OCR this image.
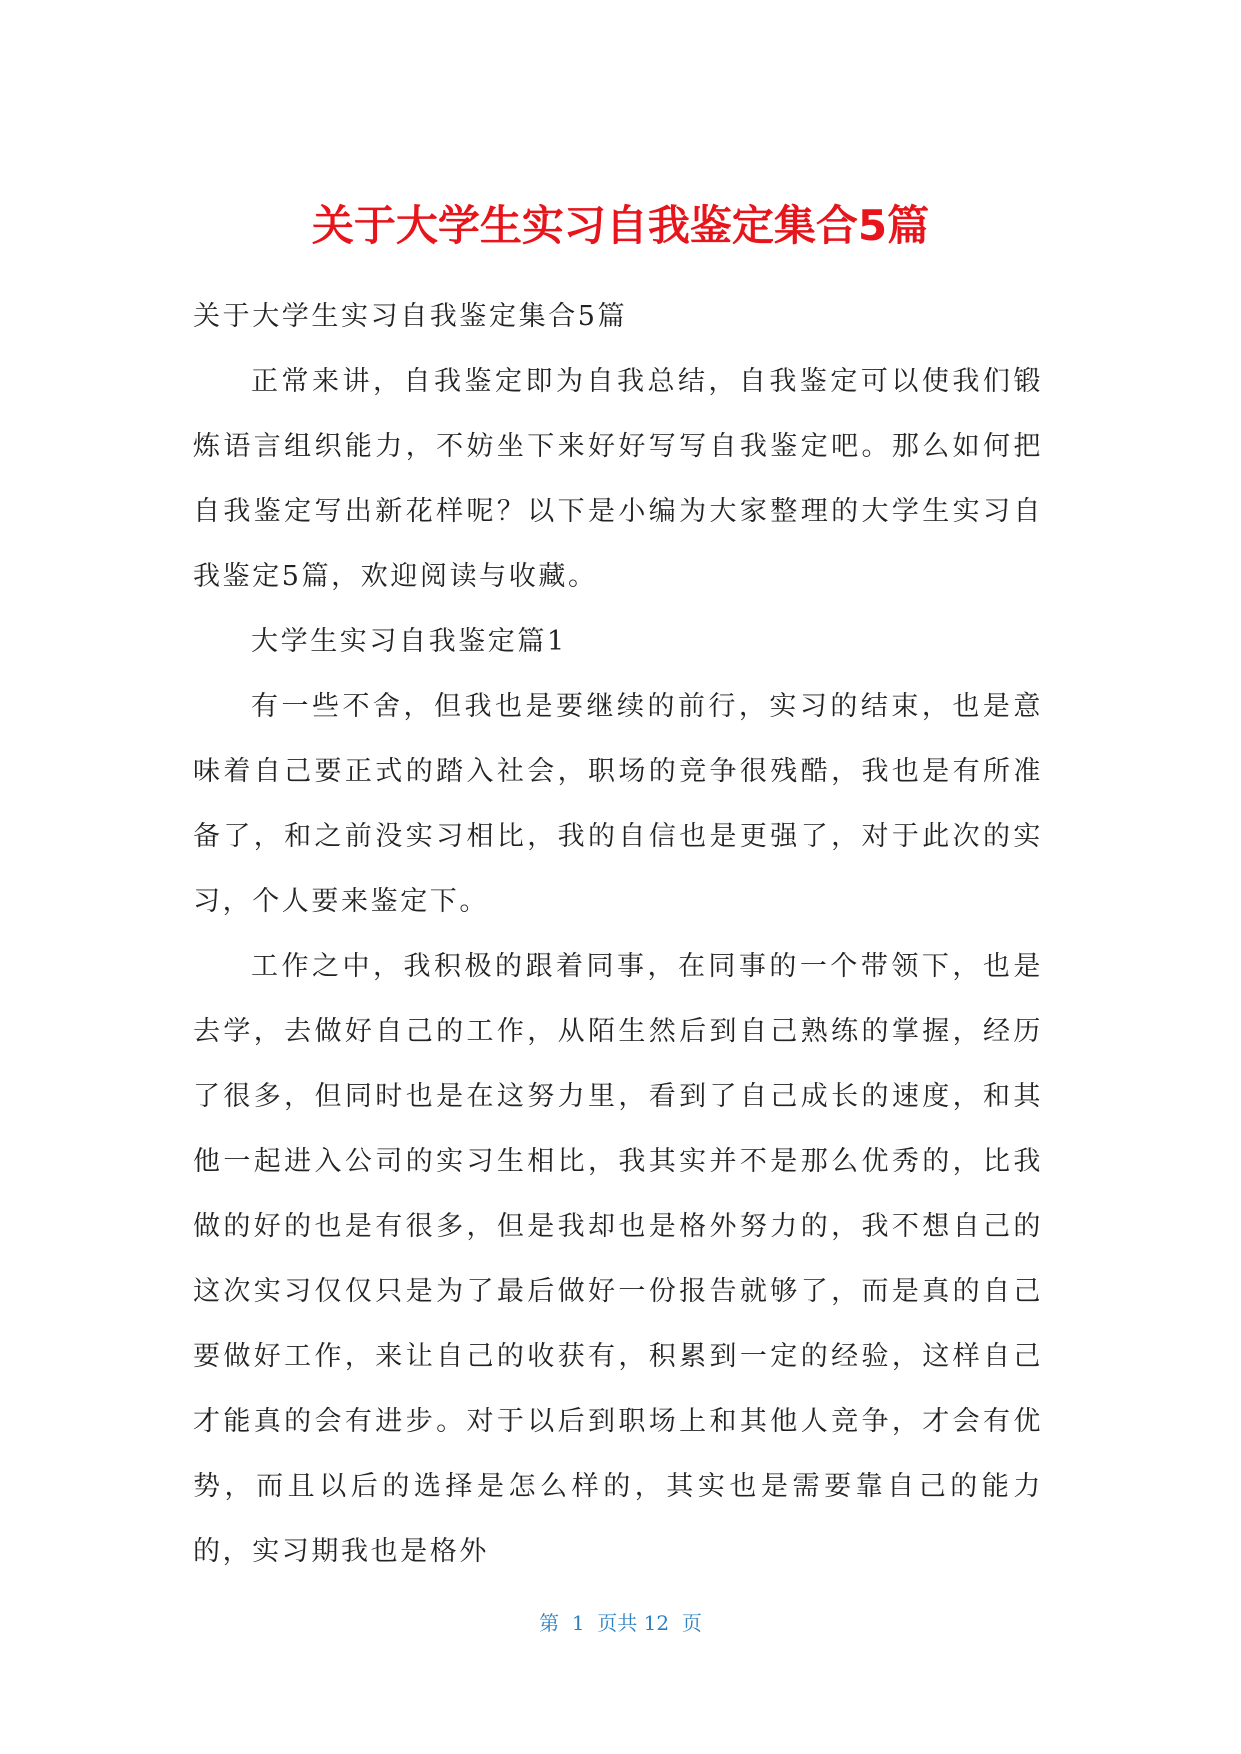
关于大学生实习自我鉴定集合5篇

关于大学生实习自我鉴定集合5篇

正常来讲，自我鉴定即为自我总结，自我鉴定可以使我们锻炼语言组织能力，不妨坐下来好好写写自我鉴定吧。那么如何把自我鉴定写出新花样呢？以下是小编为大家整理的大学生实习自我鉴定5篇，欢迎阅读与收藏。

大学生实习自我鉴定篇1

有一些不舍，但我也是要继续的前行，实习的结束，也是意味着自己要正式的踏入社会，职场的竞争很残酷，我也是有所准备了，和之前没实习相比，我的自信也是更强了，对于此次的实习，个人要来鉴定下。

工作之中，我积极的跟着同事，在同事的一个带领下，也是去学，去做好自己的工作，从陌生然后到自己熟练的掌握，经历了很多，但同时也是在这努力里，看到了自己成长的速度，和其他一起进入公司的实习生相比，我其实并不是那么优秀的，比我做的好的也是有很多，但是我却也是格外努力的，我不想自己的这次实习仅仅只是为了最后做好一份报告就够了，而是真的自己要做好工作，来让自己的收获有，积累到一定的经验，这样自己才能真的会有进步。对于以后到职场上和其他人竞争，才会有优势，而且以后的选择是怎么样的，其实也是需要靠自己的能力的，实习期我也是格外

第  1  页共 12  页
